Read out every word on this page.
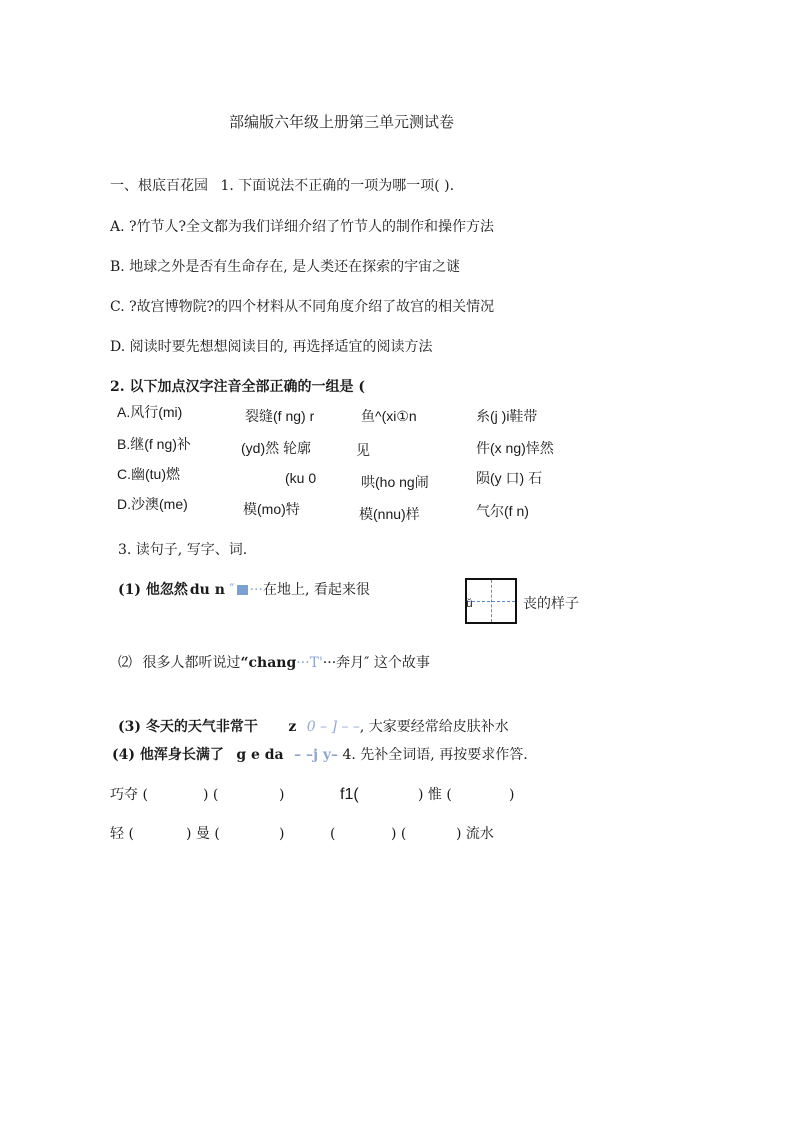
部编版六年级上册第三单元测试卷
一、根底百花园 1. 下面说法不正确的一项为哪一项( ).
A. ?竹节人?全文都为我们详细介绍了竹节人的制作和操作方法
B. 地球之外是否有生命存在, 是人类还在探索的宇宙之谜
C. ?故宫博物院?的四个材料从不同角度介绍了故宫的相关情况
D. 阅读时要先想想阅读目的, 再选择适宜的阅读方法
2. 以下加点汉字注音全部正确的一组是 (
A.风行(mi)	裂缝(f ng) r	鱼^(xi①n	糸(j )i鞋带
B.继(f ng)补	(yd)然 轮廓	见	件(x ng)悻然
C.幽(tu)燃	(ku 0	哄(ho ng闹	陨(y 口) 石
D.沙澳(me)	模(mo)特	模(nnu)样	气尔(f n)
3. 读句子, 写字、词.
(1) 他忽然 du n ″ ···在地上, 看起来很
ǔ	丧的样子
⑵ 很多人都听说过“chang···T'···奔月″ 这个故事
(3) 冬天的天气非常干 z 0 – ] – –, 大家要经常给皮肤补水
(4) 他浑身长满了 g e da – –j y– 4. 先补全词语, 再按要求作答.
巧夺 (	) (	)	f1(	) 惟 (	)
轻 (	) 曼 (	)	(	) (	) 流水
